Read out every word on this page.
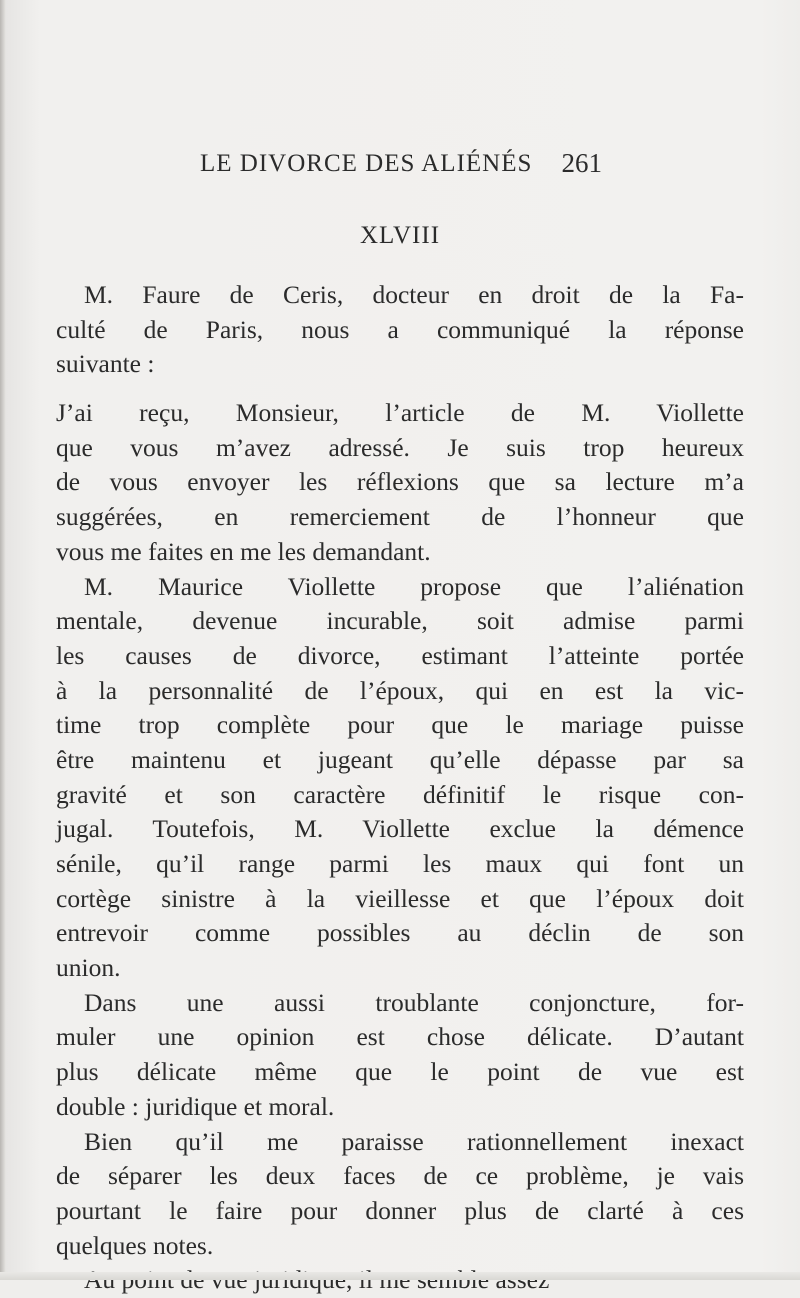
LE DIVORCE DES ALIÉNÉS 261
XLVIII
M. Faure de Ceris, docteur en droit de la Fa-
culté de Paris, nous a communiqué la réponse
suivante :
J’ai reçu, Monsieur, l’article de M. Viollette
que vous m’avez adressé. Je suis trop heureux
de vous envoyer les réflexions que sa lecture m’a
suggérées, en remerciement de l’honneur que
vous me faites en me les demandant.
M. Maurice Viollette propose que l’aliénation
mentale, devenue incurable, soit admise parmi
les causes de divorce, estimant l’atteinte portée
à la personnalité de l’époux, qui en est la vic-
time trop complète pour que le mariage puisse
être maintenu et jugeant qu’elle dépasse par sa
gravité et son caractère définitif le risque con-
jugal. Toutefois, M. Viollette exclue la démence
sénile, qu’il range parmi les maux qui font un
cortège sinistre à la vieillesse et que l’époux doit
entrevoir comme possibles au déclin de son
union.
Dans une aussi troublante conjoncture, for-
muler une opinion est chose délicate. D’autant
plus délicate même que le point de vue est
double : juridique et moral.
Bien qu’il me paraisse rationnellement inexact
de séparer les deux faces de ce problème, je vais
pourtant le faire pour donner plus de clarté à ces
quelques notes.
